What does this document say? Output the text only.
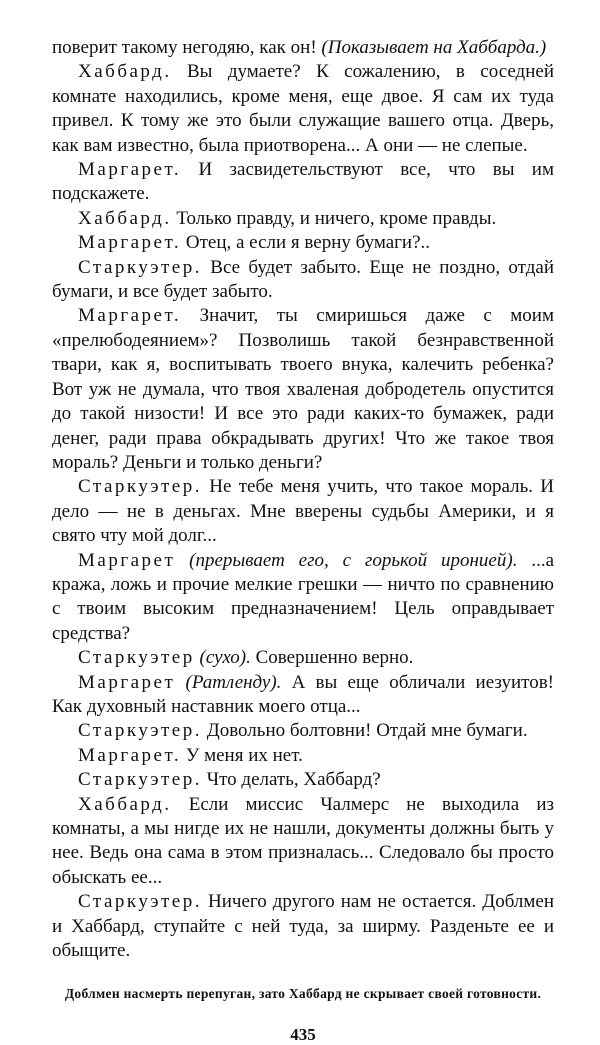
поверит такому негодяю, как он! (Показывает на Хаббарда.)

Хаббард. Вы думаете? К сожалению, в соседней комнате находились, кроме меня, еще двое. Я сам их туда привел. К тому же это были служащие вашего отца. Дверь, как вам известно, была приотворена... А они — не слепые.

Маргарет. И засвидетельствуют все, что вы им подскажете.

Хаббард. Только правду, и ничего, кроме правды.

Маргарет. Отец, а если я верну бумаги?..

Старкуэтер. Все будет забыто. Еще не поздно, отдай бумаги, и все будет забыто.

Маргарет. Значит, ты смиришься даже с моим «прелюбодеянием»? Позволишь такой безнравственной твари, как я, воспитывать твоего внука, калечить ребенка? Вот уж не думала, что твоя хваленая добродетель опустится до такой низости! И все это ради каких-то бумажек, ради денег, ради права обкрадывать других! Что же такое твоя мораль? Деньги и только деньги?

Старкуэтер. Не тебе меня учить, что такое мораль. И дело — не в деньгах. Мне вверены судьбы Америки, и я свято чту мой долг...

Маргарет (прерывает его, с горькой иронией). ...а кража, ложь и прочие мелкие грешки — ничто по сравнению с твоим высоким предназначением! Цель оправдывает средства?

Старкуэтер (сухо). Совершенно верно.

Маргарет (Ратленду). А вы еще обличали иезуитов! Как духовный наставник моего отца...

Старкуэтер. Довольно болтовни! Отдай мне бумаги.

Маргарет. У меня их нет.

Старкуэтер. Что делать, Хаббард?

Хаббард. Если миссис Чалмерс не выходила из комнаты, а мы нигде их не нашли, документы должны быть у нее. Ведь она сама в этом призналась... Следовало бы просто обыскать ее...

Старкуэтер. Ничего другого нам не остается. Доблмен и Хаббард, ступайте с ней туда, за ширму. Разденьте ее и обыщите.

Доблмен насмерть перепуган, зато Хаббард не скрывает своей готовности.
435
